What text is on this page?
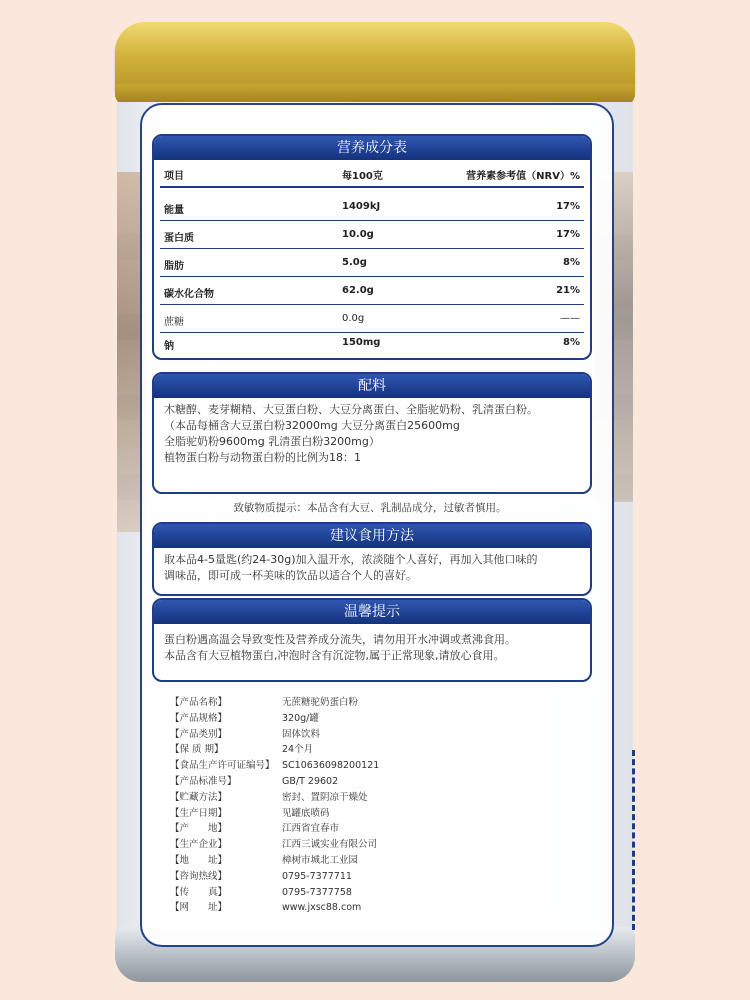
营养成分表
项目	每100克	营养素参考值（NRV）%
能量	1409kJ	17%
蛋白质	10.0g	17%
脂肪	5.0g	8%
碳水化合物	62.0g	21%
蔗糖	0.0g	——
钠	150mg	8%
配料
木糖醇、麦芽糊精、大豆蛋白粉、大豆分离蛋白、全脂驼奶粉、乳清蛋白粉。
（本品每桶含大豆蛋白粉32000mg 大豆分离蛋白25600mg
全脂驼奶粉9600mg 乳清蛋白粉3200mg）
植物蛋白粉与动物蛋白粉的比例为18：1
致敏物质提示：本品含有大豆、乳制品成分，过敏者慎用。
建议食用方法
取本品4-5量匙(约24-30g)加入温开水，浓淡随个人喜好，再加入其他口味的
调味品，即可成一杯美味的饮品以适合个人的喜好。
温馨提示
蛋白粉遇高温会导致变性及营养成分流失，请勿用开水冲调或煮沸食用。
本品含有大豆植物蛋白,冲泡时含有沉淀物,属于正常现象,请放心食用。
【产品名称】	无蔗糖驼奶蛋白粉
【产品规格】	320g/罐
【产品类别】	固体饮料
【保 质 期】	24个月
【食品生产许可证编号】 SC10636098200121
【产品标准号】	GB/T 29602
【贮藏方法】	密封、置阴凉干燥处
【生产日期】	见罐底喷码
【产　　地】	江西省宜春市
【生产企业】	江西三诚实业有限公司
【地　　址】	樟树市城北工业园
【咨询热线】	0795-7377711
【传　　真】	0795-7377758
【网　　址】	www.jxsc88.com
